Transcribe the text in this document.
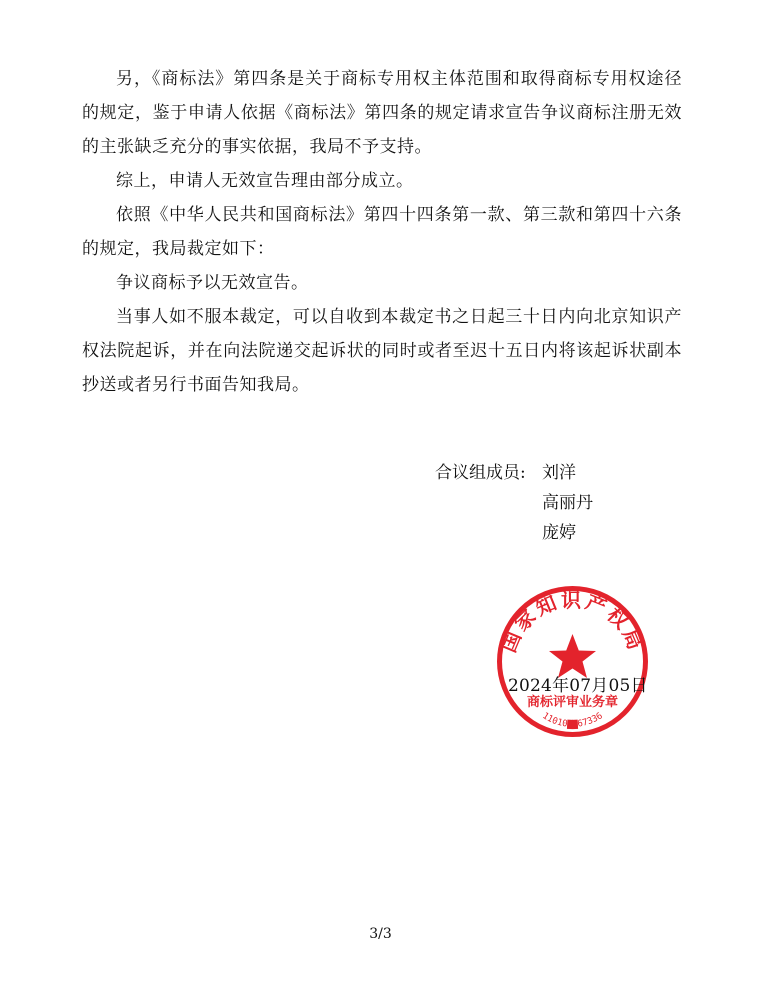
另，《商标法》第四条是关于商标专用权主体范围和取得商标专用权途径的规定，鉴于申请人依据《商标法》第四条的规定请求宣告争议商标注册无效的主张缺乏充分的事实依据，我局不予支持。

综上，申请人无效宣告理由部分成立。

依照《中华人民共和国商标法》第四十四条第一款、第三款和第四十六条的规定，我局裁定如下：

争议商标予以无效宣告。

当事人如不服本裁定，可以自收到本裁定书之日起三十日内向北京知识产权法院起诉，并在向法院递交起诉状的同时或者至迟十五日内将该起诉状副本抄送或者另行书面告知我局。

合议组成员: 刘洋
高丽丹
庞婷
国家知识产权局
商标评审业务章
11010▇▇67336
2024年07月05日
3/3
